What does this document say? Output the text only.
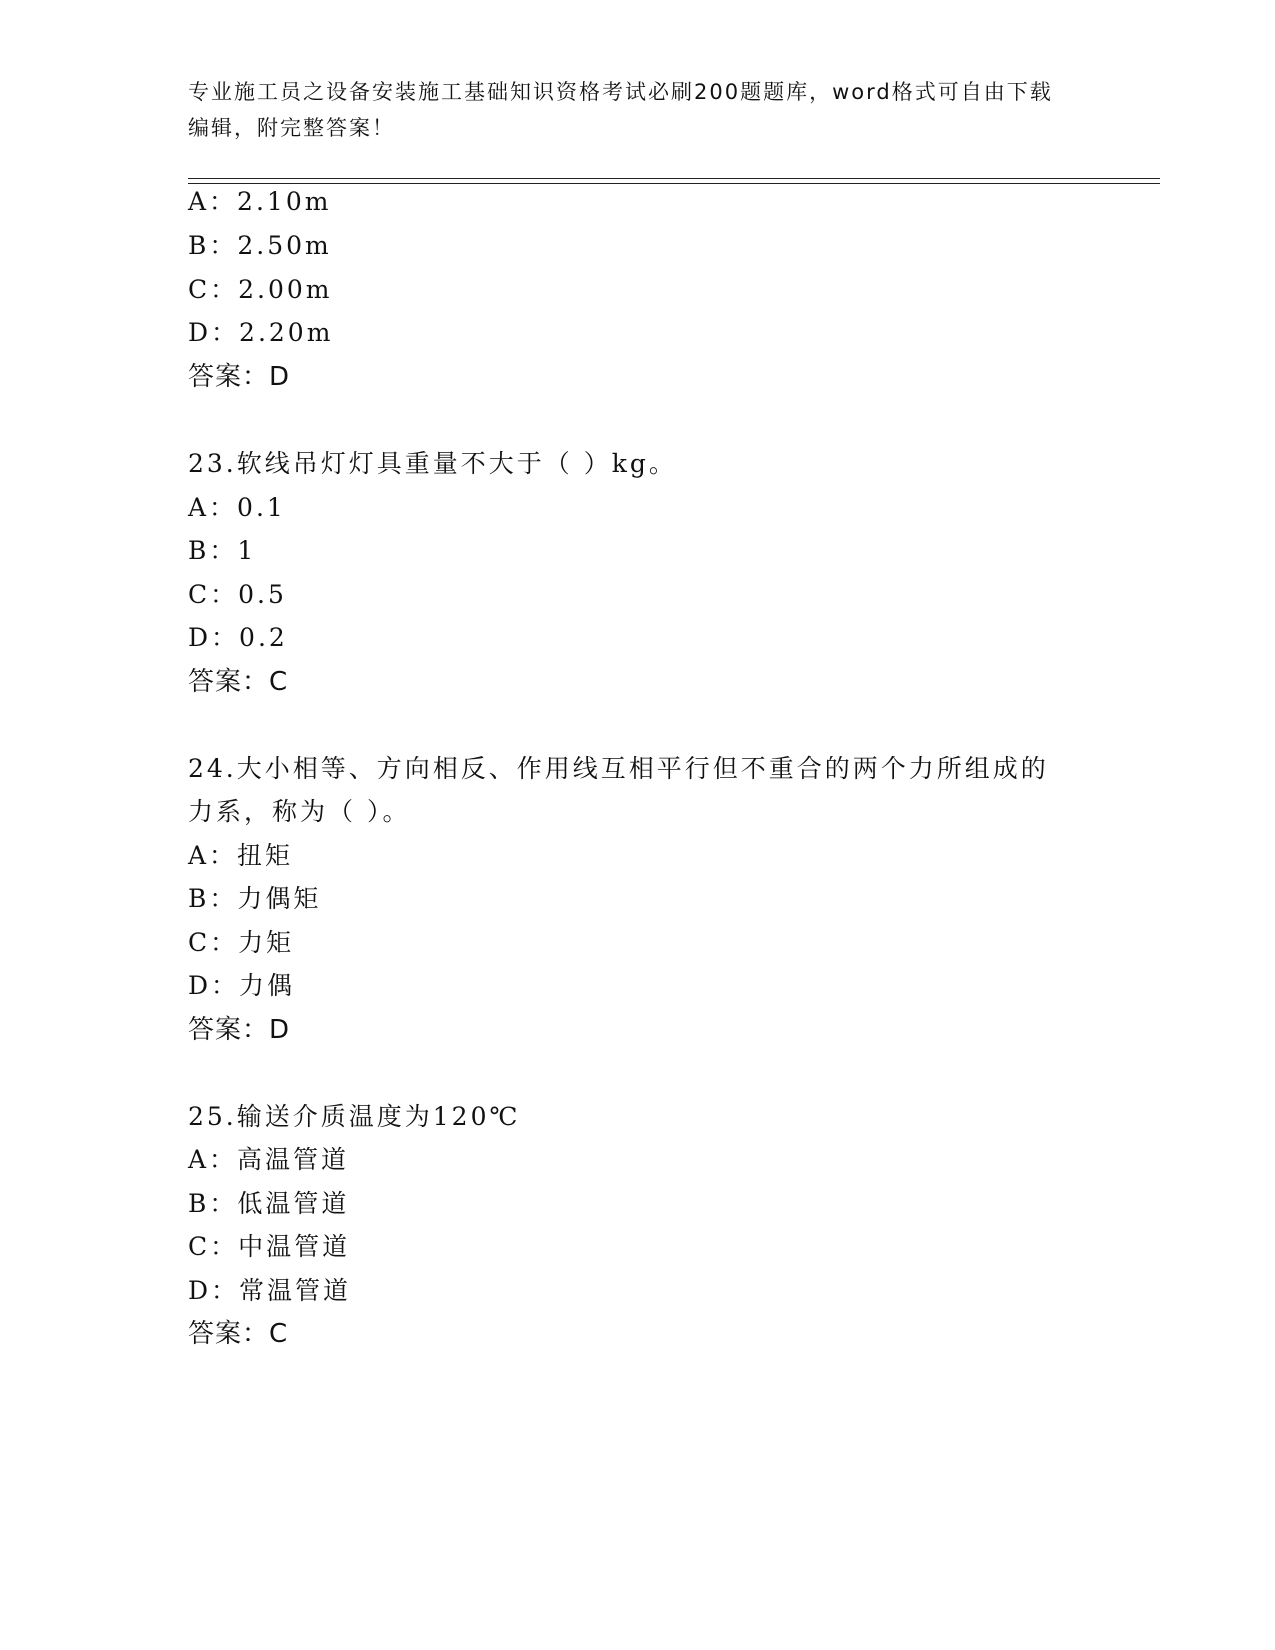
专业施工员之设备安装施工基础知识资格考试必刷200题题库，word格式可自由下载编辑，附完整答案！
A：2.10m
B：2.50m
C：2.00m
D：2.20m
答案：D
23.软线吊灯灯具重量不大于（ ）kg。
A：0.1
B：1
C：0.5
D：0.2
答案：C
24.大小相等、方向相反、作用线互相平行但不重合的两个力所组成的
力系，称为（ ）。
A：扭矩
B：力偶矩
C：力矩
D：力偶
答案：D
25.输送介质温度为120℃
A：高温管道
B：低温管道
C：中温管道
D：常温管道
答案：C
